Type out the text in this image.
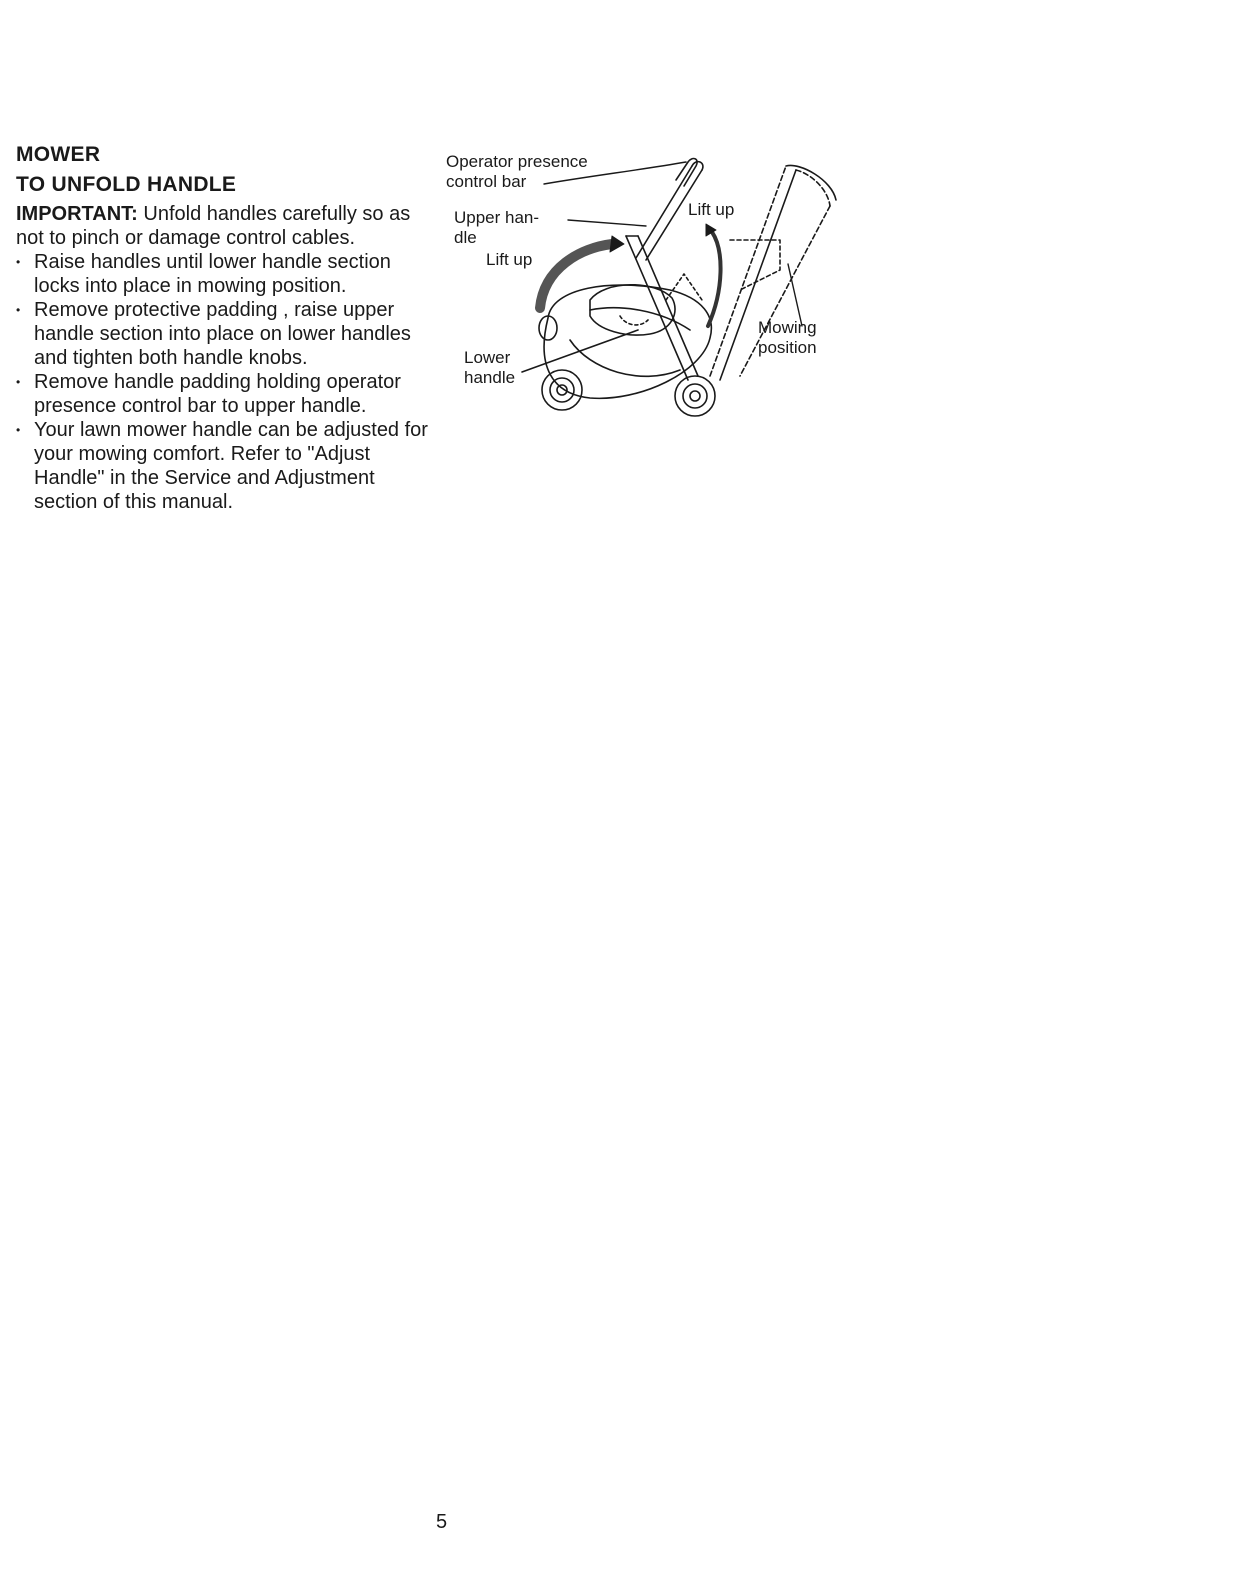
MOWER
TO UNFOLD HANDLE

IMPORTANT: Unfold handles carefully so as not to pinch or damage control cables.

• Raise handles until lower handle section locks into place in mowing position.
• Remove protective padding , raise upper handle section into place on lower handles and tighten both handle knobs.
• Remove handle padding holding operator presence control bar to upper handle.
• Your lawn mower handle can be adjusted for your mowing comfort. Refer to "Adjust Handle" in the Service and Adjustment section of this manual.
Operator presence
control bar
Upper han-
dle
Lift up
Lift up
Lower
handle
Mowing
position
5
